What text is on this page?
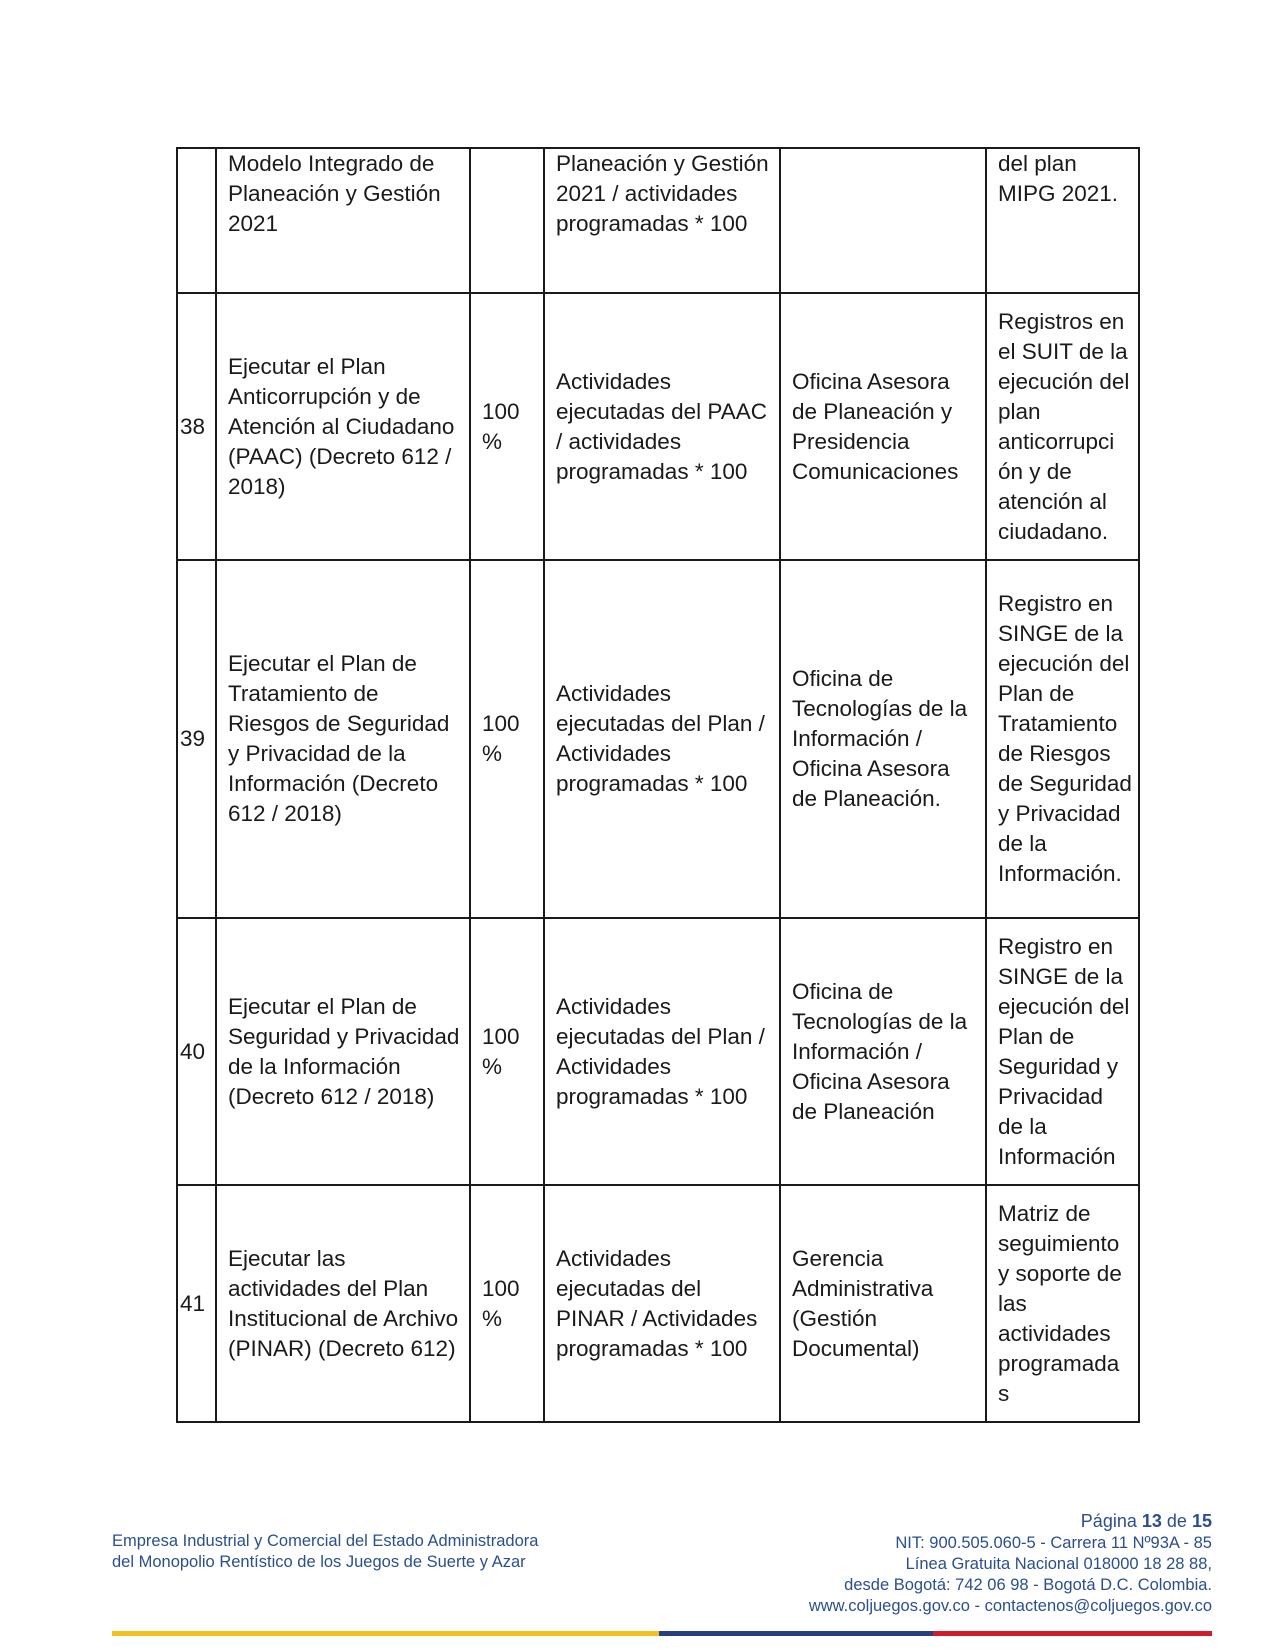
	Modelo Integrado de Planeación y Gestión 2021		Planeación y Gestión 2021 / actividades programadas * 100		del plan MIPG 2021.
38	Ejecutar el Plan Anticorrupción y de Atención al Ciudadano (PAAC) (Decreto 612 / 2018)	100 %	Actividades ejecutadas del PAAC / actividades programadas * 100	Oficina Asesora de Planeación y Presidencia Comunicaciones	Registros en el SUIT de la ejecución del plan anticorrupci ón y de atención al ciudadano.
39	Ejecutar el Plan de Tratamiento de Riesgos de Seguridad y Privacidad de la Información (Decreto 612 / 2018)	100 %	Actividades ejecutadas del Plan / Actividades programadas * 100	Oficina de Tecnologías de la Información / Oficina Asesora de Planeación.	Registro en SINGE de la ejecución del Plan de Tratamiento de Riesgos de Seguridad y Privacidad de la Información.
40	Ejecutar el Plan de Seguridad y Privacidad de la Información (Decreto 612 / 2018)	100 %	Actividades ejecutadas del Plan / Actividades programadas * 100	Oficina de Tecnologías de la Información / Oficina Asesora de Planeación	Registro en SINGE de la ejecución del Plan de Seguridad y Privacidad de la Información
41	Ejecutar las actividades del Plan Institucional de Archivo (PINAR) (Decreto 612)	100 %	Actividades ejecutadas del PINAR / Actividades programadas * 100	Gerencia Administrativa (Gestión Documental)	Matriz de seguimiento y soporte de las actividades programada s
Empresa Industrial y Comercial del Estado Administradora
del Monopolio Rentístico de los Juegos de Suerte y Azar
Página 13 de 15
NIT: 900.505.060-5 - Carrera 11 Nº93A - 85
Línea Gratuita Nacional 018000 18 28 88,
desde Bogotá: 742 06 98 - Bogotá D.C. Colombia.
www.coljuegos.gov.co - contactenos@coljuegos.gov.co
